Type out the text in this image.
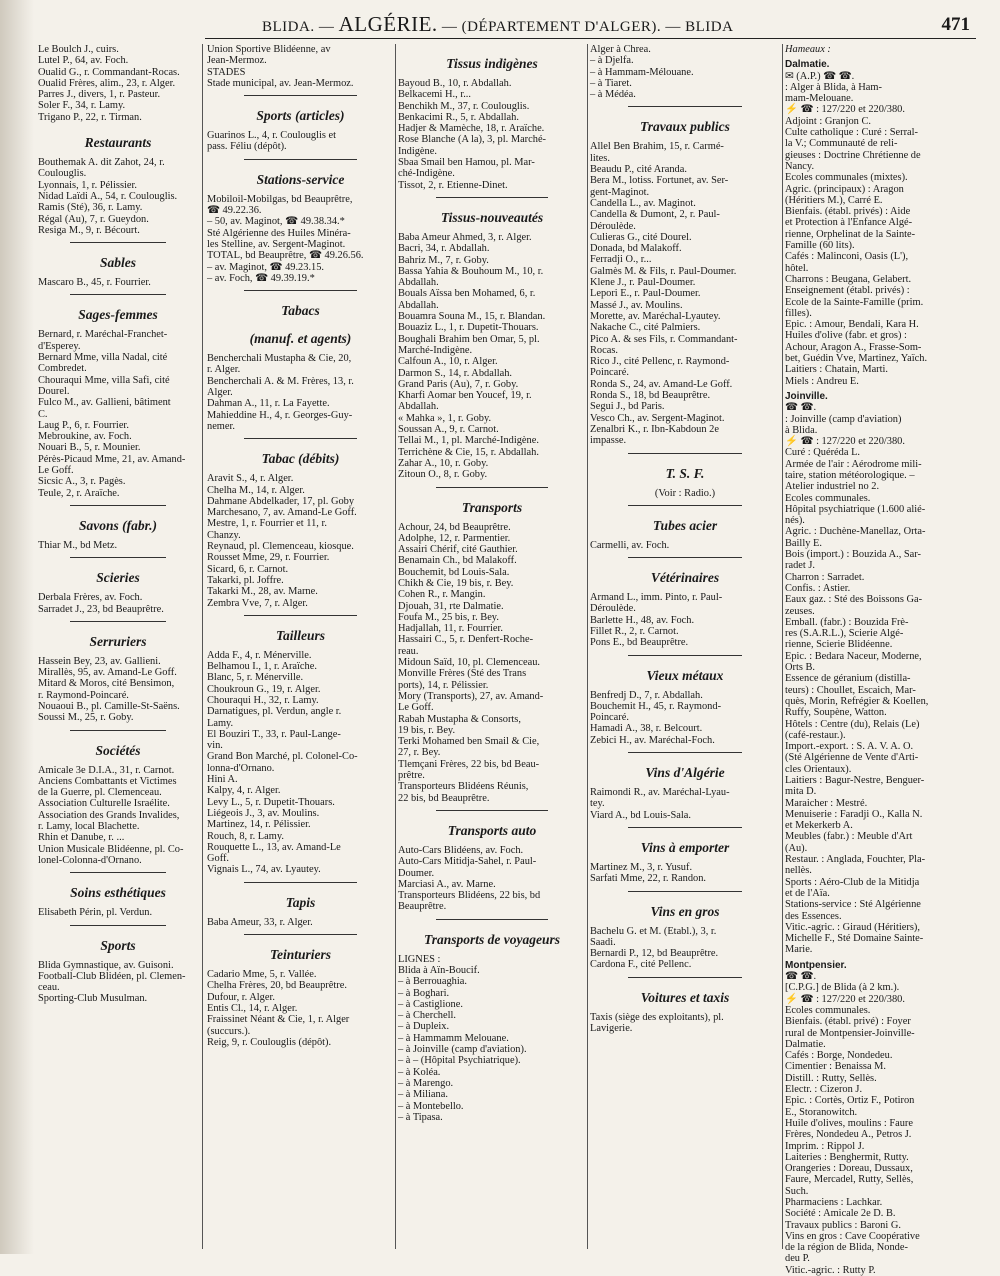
BLIDA. — ALGÉRIE. — (DÉPARTEMENT D'ALGER). — BLIDA	471
Le Boulch J., cuirs.
Lutel P., 64, av. Foch.
Oualid G., r. Commandant-Rocas.
Oualid Frères, alim., 23, r. Alger.
Parres J., divers, 1, r. Pasteur.
Soler F., 34, r. Lamy.
Trigano P., 22, r. Tirman.
Restaurants
Bouthemak A. dit Zahot, 24, r.
Coulouglis.
Lyonnais, 1, r. Pélissier.
Nidad Laïdi A., 54, r. Coulouglis.
Ramis (Sté), 36, r. Lamy.
Régal (Au), 7, r. Gueydon.
Resiga M., 9, r. Bécourt.
Sables
Mascaro B., 45, r. Fourrier.
Sages-femmes
Bernard, r. Maréchal-Franchet-
d'Esperey.
Bernard Mme, villa Nadal, cité
Combredet.
Chouraqui Mme, villa Safi, cité
Dourel.
Fulco M., av. Gallieni, bâtiment
C.
Laug P., 6, r. Fourrier.
Mebroukine, av. Foch.
Nouari B., 5, r. Mounier.
Pérès-Picaud Mme, 21, av. Amand-
Le Goff.
Sicsic A., 3, r. Pagès.
Teule, 2, r. Araïche.
Savons (fabr.)
Thiar M., bd Metz.
Scieries
Derbala Frères, av. Foch.
Sarradet J., 23, bd Beauprêtre.
Serruriers
Hassein Bey, 23, av. Gallieni.
Mirallès, 95, av. Amand-Le Goff.
Mitard & Moros, cité Bensimon,
r. Raymond-Poincaré.
Nouaoui B., pl. Camille-St-Saëns.
Soussi M., 25, r. Goby.
Sociétés
Amicale 3e D.I.A., 31, r. Carnot.
Anciens Combattants et Victimes
de la Guerre, pl. Clemenceau.
Association Culturelle Israélite.
Association des Grands Invalides,
r. Lamy, local Blachette.
Rhin et Danube, r. ...
Union Musicale Blidéenne, pl. Co-
lonel-Colonna-d'Ornano.
Soins esthétiques
Elisabeth Périn, pl. Verdun.
Sports
Blida Gymnastique, av. Guisoni.
Football-Club Blidéen, pl. Clemen-
ceau.
Sporting-Club Musulman.
Union Sportive Blidéenne, av
Jean-Mermoz.
STADES
Stade municipal, av. Jean-Mermoz.
Sports (articles)
Guarinos L., 4, r. Coulouglis et
pass. Féliu (dépôt).
Stations-service
Mobiloil-Mobilgas, bd Beauprêtre,
☎ 49.22.36.
– 50, av. Maginot, ☎ 49.38.34.*
Sté Algérienne des Huiles Minéra-
les Stelline, av. Sergent-Maginot.
TOTAL, bd Beauprêtre, ☎ 49.26.56.
– av. Maginot, ☎ 49.23.15.
– av. Foch, ☎ 49.39.19.*
Tabacs
(manuf. et agents)
Bencherchali Mustapha & Cie, 20,
r. Alger.
Bencherchali A. & M. Frères, 13, r.
Alger.
Dahman A., 11, r. La Fayette.
Mahieddine H., 4, r. Georges-Guy-
nemer.
Tabac (débits)
Aravit S., 4, r. Alger.
Chelha M., 14, r. Alger.
Dahmane Abdelkader, 17, pl. Goby
Marchesano, 7, av. Amand-Le Goff.
Mestre, 1, r. Fourrier et 11, r.
Chanzy.
Reynaud, pl. Clemenceau, kiosque.
Rousset Mme, 29, r. Fourrier.
Sicard, 6, r. Carnot.
Takarki, pl. Joffre.
Takarki M., 28, av. Marne.
Zembra Vve, 7, r. Alger.
Tailleurs
Adda F., 4, r. Ménerville.
Belhamou I., 1, r. Araïche.
Blanc, 5, r. Ménerville.
Choukroun G., 19, r. Alger.
Chouraqui H., 32, r. Lamy.
Darnatigues, pl. Verdun, angle r.
Lamy.
El Bouziri T., 33, r. Paul-Lange-
vin.
Grand Bon Marché, pl. Colonel-Co-
lonna-d'Ornano.
Hini A.
Kalpy, 4, r. Alger.
Levy L., 5, r. Dupetit-Thouars.
Liégeois J., 3, av. Moulins.
Martinez, 14, r. Pélissier.
Rouch, 8, r. Lamy.
Rouquette L., 13, av. Amand-Le
Goff.
Vignais L., 74, av. Lyautey.
Tapis
Baba Ameur, 33, r. Alger.
Teinturiers
Cadario Mme, 5, r. Vallée.
Chelha Frères, 20, bd Beauprêtre.
Dufour, r. Alger.
Entis Cl., 14, r. Alger.
Fraissinet Néant & Cie, 1, r. Alger
(succurs.).
Reig, 9, r. Coulouglis (dépôt).
Tissus indigènes
Bayoud B., 10, r. Abdallah.
Belkacemi H., r...
Benchikh M., 37, r. Coulouglis.
Benkacimi R., 5, r. Abdallah.
Hadjer & Mamèche, 18, r. Araïche.
Rose Blanche (A la), 3, pl. Marché-
Indigène.
Sbaa Smail ben Hamou, pl. Mar-
ché-Indigène.
Tissot, 2, r. Etienne-Dinet.
Tissus-nouveautés
Baba Ameur Ahmed, 3, r. Alger.
Bacri, 34, r. Abdallah.
Bahriz M., 7, r. Goby.
Bassa Yahia & Bouhoum M., 10, r.
Abdallah.
Bouals Aïssa ben Mohamed, 6, r.
Abdallah.
Bouamra Souna M., 15, r. Blandan.
Bouaziz L., 1, r. Dupetit-Thouars.
Boughali Brahim ben Omar, 5, pl.
Marché-Indigène.
Calfoun A., 10, r. Alger.
Darmon S., 14, r. Abdallah.
Grand Paris (Au), 7, r. Goby.
Kharfi Aomar ben Youcef, 19, r.
Abdallah.
« Mahka », 1, r. Goby.
Soussan A., 9, r. Carnot.
Tellai M., 1, pl. Marché-Indigène.
Terrichène & Cie, 15, r. Abdallah.
Zahar A., 10, r. Goby.
Zitoun O., 8, r. Goby.
Transports
Achour, 24, bd Beauprêtre.
Adolphe, 12, r. Parmentier.
Assairi Chérif, cité Gauthier.
Benamain Ch., bd Malakoff.
Bouchemit, bd Louis-Sala.
Chikh & Cie, 19 bis, r. Bey.
Cohen R., r. Mangin.
Djouah, 31, rte Dalmatie.
Foufa M., 25 bis, r. Bey.
Hadjallah, 11, r. Fourrier.
Hassairi C., 5, r. Denfert-Roche-
reau.
Midoun Saïd, 10, pl. Clemenceau.
Monville Frères (Sté des Trans
ports), 14, r. Pélissier.
Mory (Transports), 27, av. Amand-
Le Goff.
Rabah Mustapha & Consorts,
19 bis, r. Bey.
Terki Mohamed ben Smail & Cie,
27, r. Bey.
Tlemçani Frères, 22 bis, bd Beau-
prêtre.
Transporteurs Blidéens Réunis,
22 bis, bd Beauprêtre.
Transports auto
Auto-Cars Blidéens, av. Foch.
Auto-Cars Mitidja-Sahel, r. Paul-
Doumer.
Marciasi A., av. Marne.
Transporteurs Blidéens, 22 bis, bd
Beauprêtre.
Transports de voyageurs
LIGNES :
Blida à Aïn-Boucif.
– à Berrouaghia.
– à Boghari.
– à Castiglione.
– à Cherchell.
– à Dupleix.
– à Hammamm Melouane.
– à Joinville (camp d'aviation).
– à – (Hôpital Psychiatrique).
– à Koléa.
– à Marengo.
– à Miliana.
– à Montebello.
– à Tipasa.
Alger à Chrea.
– à Djelfa.
– à Hammam-Mélouane.
– à Tiaret.
– à Médéa.
Travaux publics
Allel Ben Brahim, 15, r. Carmé-
lites.
Beaudu P., cité Aranda.
Bera M., lotiss. Fortunet, av. Ser-
gent-Maginot.
Candella L., av. Maginot.
Candella & Dumont, 2, r. Paul-
Déroulède.
Culieras G., cité Dourel.
Donada, bd Malakoff.
Ferradji O., r...
Galmès M. & Fils, r. Paul-Doumer.
Klene J., r. Paul-Doumer.
Lepori E., r. Paul-Doumer.
Massé J., av. Moulins.
Morette, av. Maréchal-Lyautey.
Nakache C., cité Palmiers.
Pico A. & ses Fils, r. Commandant-
Rocas.
Rico J., cité Pellenc, r. Raymond-
Poincaré.
Ronda S., 24, av. Amand-Le Goff.
Ronda S., 18, bd Beauprêtre.
Segui J., bd Paris.
Vesco Ch., av. Sergent-Maginot.
Zenalbri K., r. Ibn-Kabdoun 2e
impasse.
T. S. F.
(Voir : Radio.)
Tubes acier
Carmelli, av. Foch.
Vétérinaires
Armand L., imm. Pinto, r. Paul-
Déroulède.
Barlette H., 48, av. Foch.
Fillet R., 2, r. Carnot.
Pons E., bd Beauprêtre.
Vieux métaux
Benfredj D., 7, r. Abdallah.
Bouchemit H., 45, r. Raymond-
Poincaré.
Hamadi A., 38, r. Belcourt.
Zebici H., av. Maréchal-Foch.
Vins d'Algérie
Raimondi R., av. Maréchal-Lyau-
tey.
Viard A., bd Louis-Sala.
Vins à emporter
Martinez M., 3, r. Yusuf.
Sarfati Mme, 22, r. Randon.
Vins en gros
Bachelu G. et M. (Etabl.), 3, r.
Saadi.
Bernardi P., 12, bd Beauprêtre.
Cardona F., cité Pellenc.
Voitures et taxis
Taxis (siège des exploitants), pl.
Lavigerie.
Hameaux :
Dalmatie.
✉ (A.P.) ☎ ☎.
: Alger à Blida, à Ham-
mam-Melouane.
⚡ ☎ : 127/220 et 220/380.
Adjoint : Granjon C.
Culte catholique : Curé : Serral-
la V.; Communauté de reli-
gieuses : Doctrine Chrétienne de
Nancy.
Ecoles communales (mixtes).
Agric. (principaux) : Aragon
(Héritiers M.), Carré E.
Bienfais. (établ. privés) : Aide
et Protection à l'Enfance Algé-
rienne, Orphelinat de la Sainte-
Famille (60 lits).
Cafés : Malinconi, Oasis (L'),
hôtel.
Charrons : Beugana, Gelabert.
Enseignement (établ. privés) :
Ecole de la Sainte-Famille (prim.
filles).
Epic. : Amour, Bendali, Kara H.
Huiles d'olive (fabr. et gros) :
Achour, Aragon A., Frasse-Som-
bet, Guédin Vve, Martinez, Yaïch.
Laitiers : Chatain, Marti.
Miels : Andreu E.
Joinville.
☎ ☎.
: Joinville (camp d'aviation)
à Blida.
⚡ ☎ : 127/220 et 220/380.
Curé : Quéréda L.
Armée de l'air : Aérodrome mili-
taire, station météorologique. –
Atelier industriel no 2.
Ecoles communales.
Hôpital psychiatrique (1.600 alié-
nés).
Agric. : Duchène-Manellaz, Orta-
Bailly E.
Bois (import.) : Bouzida A., Sar-
radet J.
Charron : Sarradet.
Confis. : Astier.
Eaux gaz. : Sté des Boissons Ga-
zeuses.
Emball. (fabr.) : Bouzida Frè-
res (S.A.R.L.), Scierie Algé-
rienne, Scierie Blidéenne.
Epic. : Bedara Naceur, Moderne,
Orts B.
Essence de géranium (distilla-
teurs) : Choullet, Escaich, Mar-
quès, Morin, Refrégier & Koellen,
Ruffy, Soupène, Watton.
Hôtels : Centre (du), Relais (Le)
(café-restaur.).
Import.-export. : S. A. V. A. O.
(Sté Algérienne de Vente d'Arti-
cles Orientaux).
Laitiers : Bagur-Nestre, Benguer-
mita D.
Maraicher : Mestré.
Menuiserie : Faradji O., Kalla N.
et Mekerkerb A.
Meubles (fabr.) : Meuble d'Art
(Au).
Restaur. : Anglada, Fouchter, Pla-
nellès.
Sports : Aéro-Club de la Mitidja
et de l'Aïa.
Stations-service : Sté Algérienne
des Essences.
Vitic.-agric. : Giraud (Héritiers),
Michelle F., Sté Domaine Sainte-
Marie.
Montpensier.
☎ ☎.
[C.P.G.] de Blida (à 2 km.).
⚡ ☎ : 127/220 et 220/380.
Ecoles communales.
Bienfais. (établ. privé) : Foyer
rural de Montpensier-Joinville-
Dalmatie.
Cafés : Borge, Nondedeu.
Cimentier : Benaissa M.
Distill. : Rutty, Sellès.
Electr. : Cizeron J.
Epic. : Cortès, Ortiz F., Potiron
E., Storanowitch.
Huile d'olives, moulins : Faure
Frères, Nondedeu A., Petros J.
Imprim. : Rippol J.
Laiteries : Benghermit, Rutty.
Orangeries : Doreau, Dussaux,
Faure, Mercadel, Rutty, Sellès,
Such.
Pharmaciens : Lachkar.
Société : Amicale 2e D. B.
Travaux publics : Baroni G.
Vins en gros : Cave Coopérative
de la région de Blida, Nonde-
deu P.
Vitic.-agric. : Rutty P.
